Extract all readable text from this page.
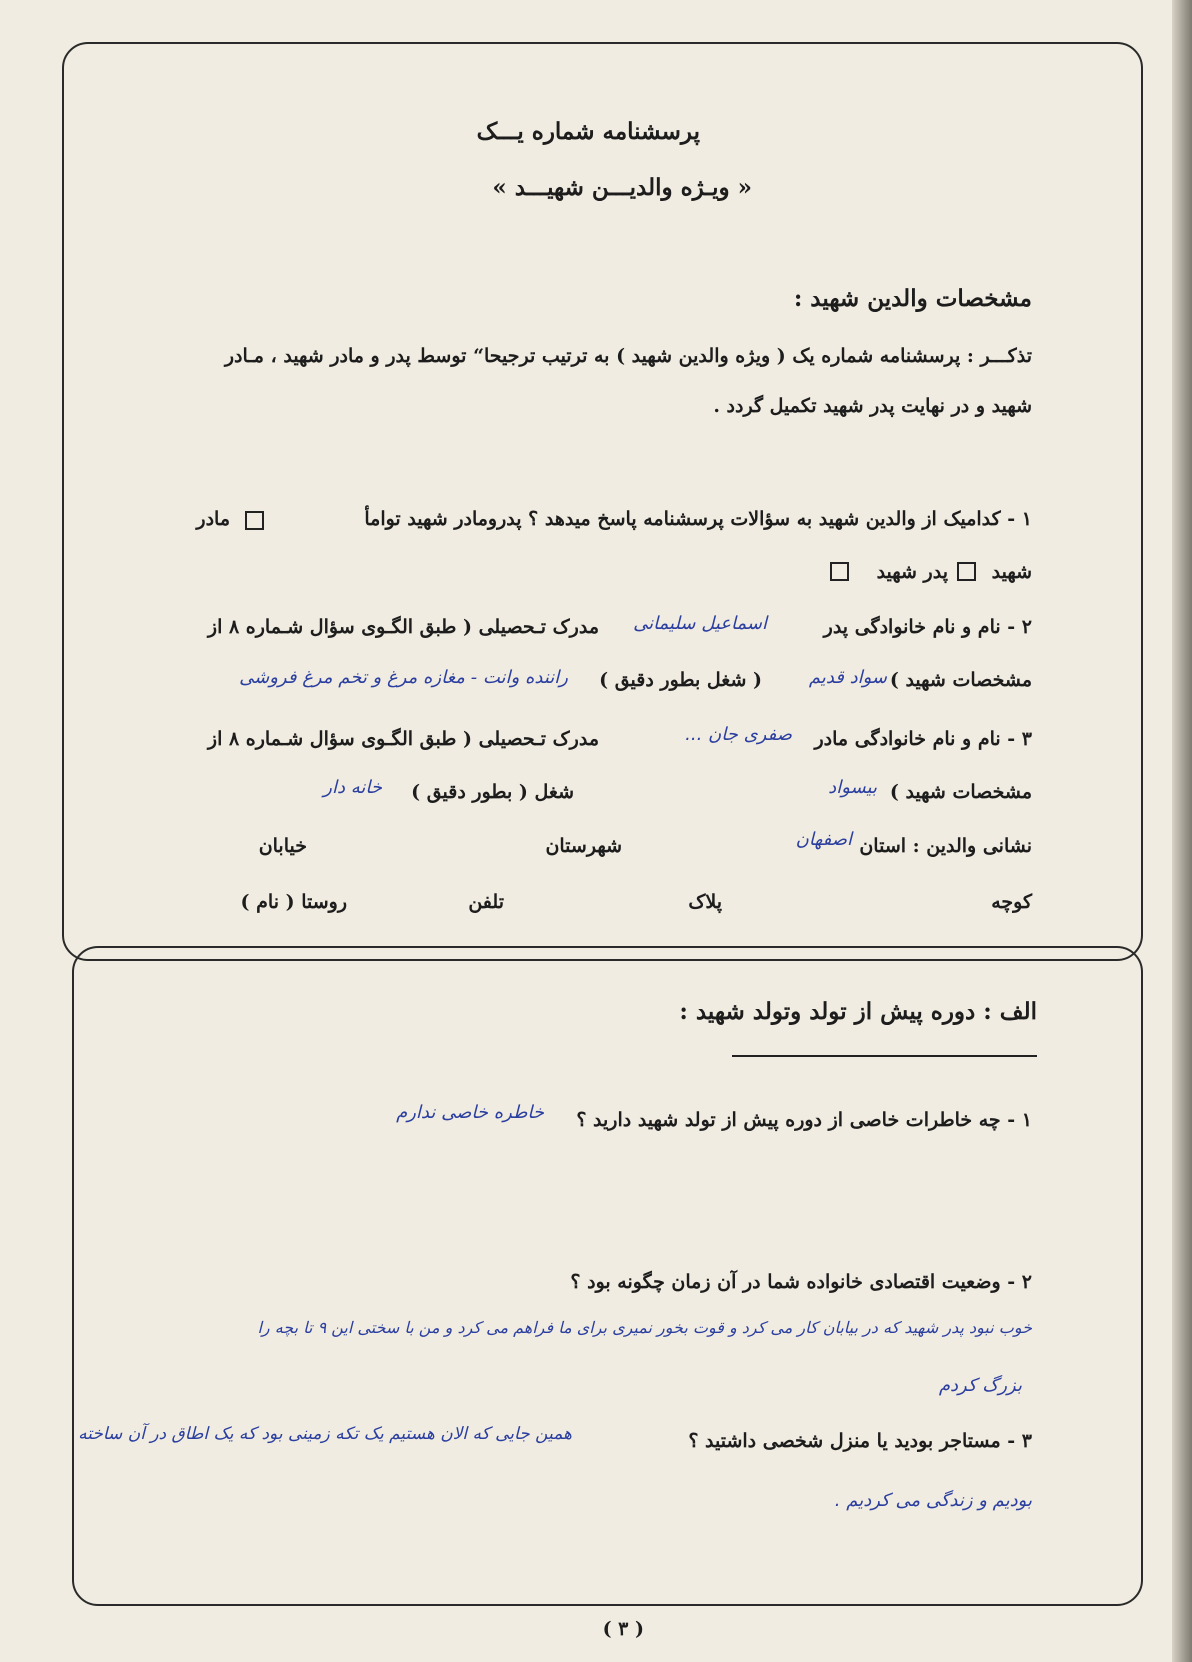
پرسشنامه شماره یـــک
« ویـژه والدیـــن شهیـــد »
مشخصات والدین شهید :
تذکـــر : پرسشنامه شماره یک ( ویژه والدین شهید ) به ترتیب ترجیحا“ توسط پدر و مادر شهید ، مـادر
شهید و در نهایت پدر شهید تکمیل گردد .
۱ - کدامیک از والدین شهید به سؤالات پرسشنامه پاسخ میدهد ؟ پدرومادر شهید توامأ
مادر
شهید
پدر شهید
۲ - نام و نام خانوادگی پدر
اسماعیل سلیمانی
مدرک تـحصیلی ( طبق الگـوی سؤال شـماره ۸ از
مشخصات شهید )
سواد قدیم
( شغل بطور دقیق )
راننده وانت - مغازه مرغ و تخم مرغ فروشی
۳ - نام و نام خانوادگی مادر
صفری جان ...
مدرک تـحصیلی ( طبق الگـوی سؤال شـماره ۸ از
مشخصات شهید )
بیسواد
شغل ( بطور دقیق )
خانه دار
نشانی والدین : استان
اصفهان
شهرستان
خیابان
کوچه
پلاک
تلفن
روستا ( نام )
الف : دوره پیش از تولد وتولد شهید :
۱ - چه خاطرات خاصی از دوره پیش از تولد شهید دارید ؟
خاطره خاصی ندارم
۲ - وضعیت اقتصادی خانواده شما در آن زمان چگونه بود ؟
خوب نبود پدر شهید که در بیابان کار می کرد و قوت بخور نمیری برای ما فراهم می کرد و من با سختی این ۹ تا بچه را
بزرگ کردم
۳ - مستاجر بودید یا منزل شخصی داشتید ؟
همین جایی که الان هستیم یک تکه زمینی بود که یک اطاق در آن ساخته
بودیم و زندگی می کردیم .
( ۳ )
